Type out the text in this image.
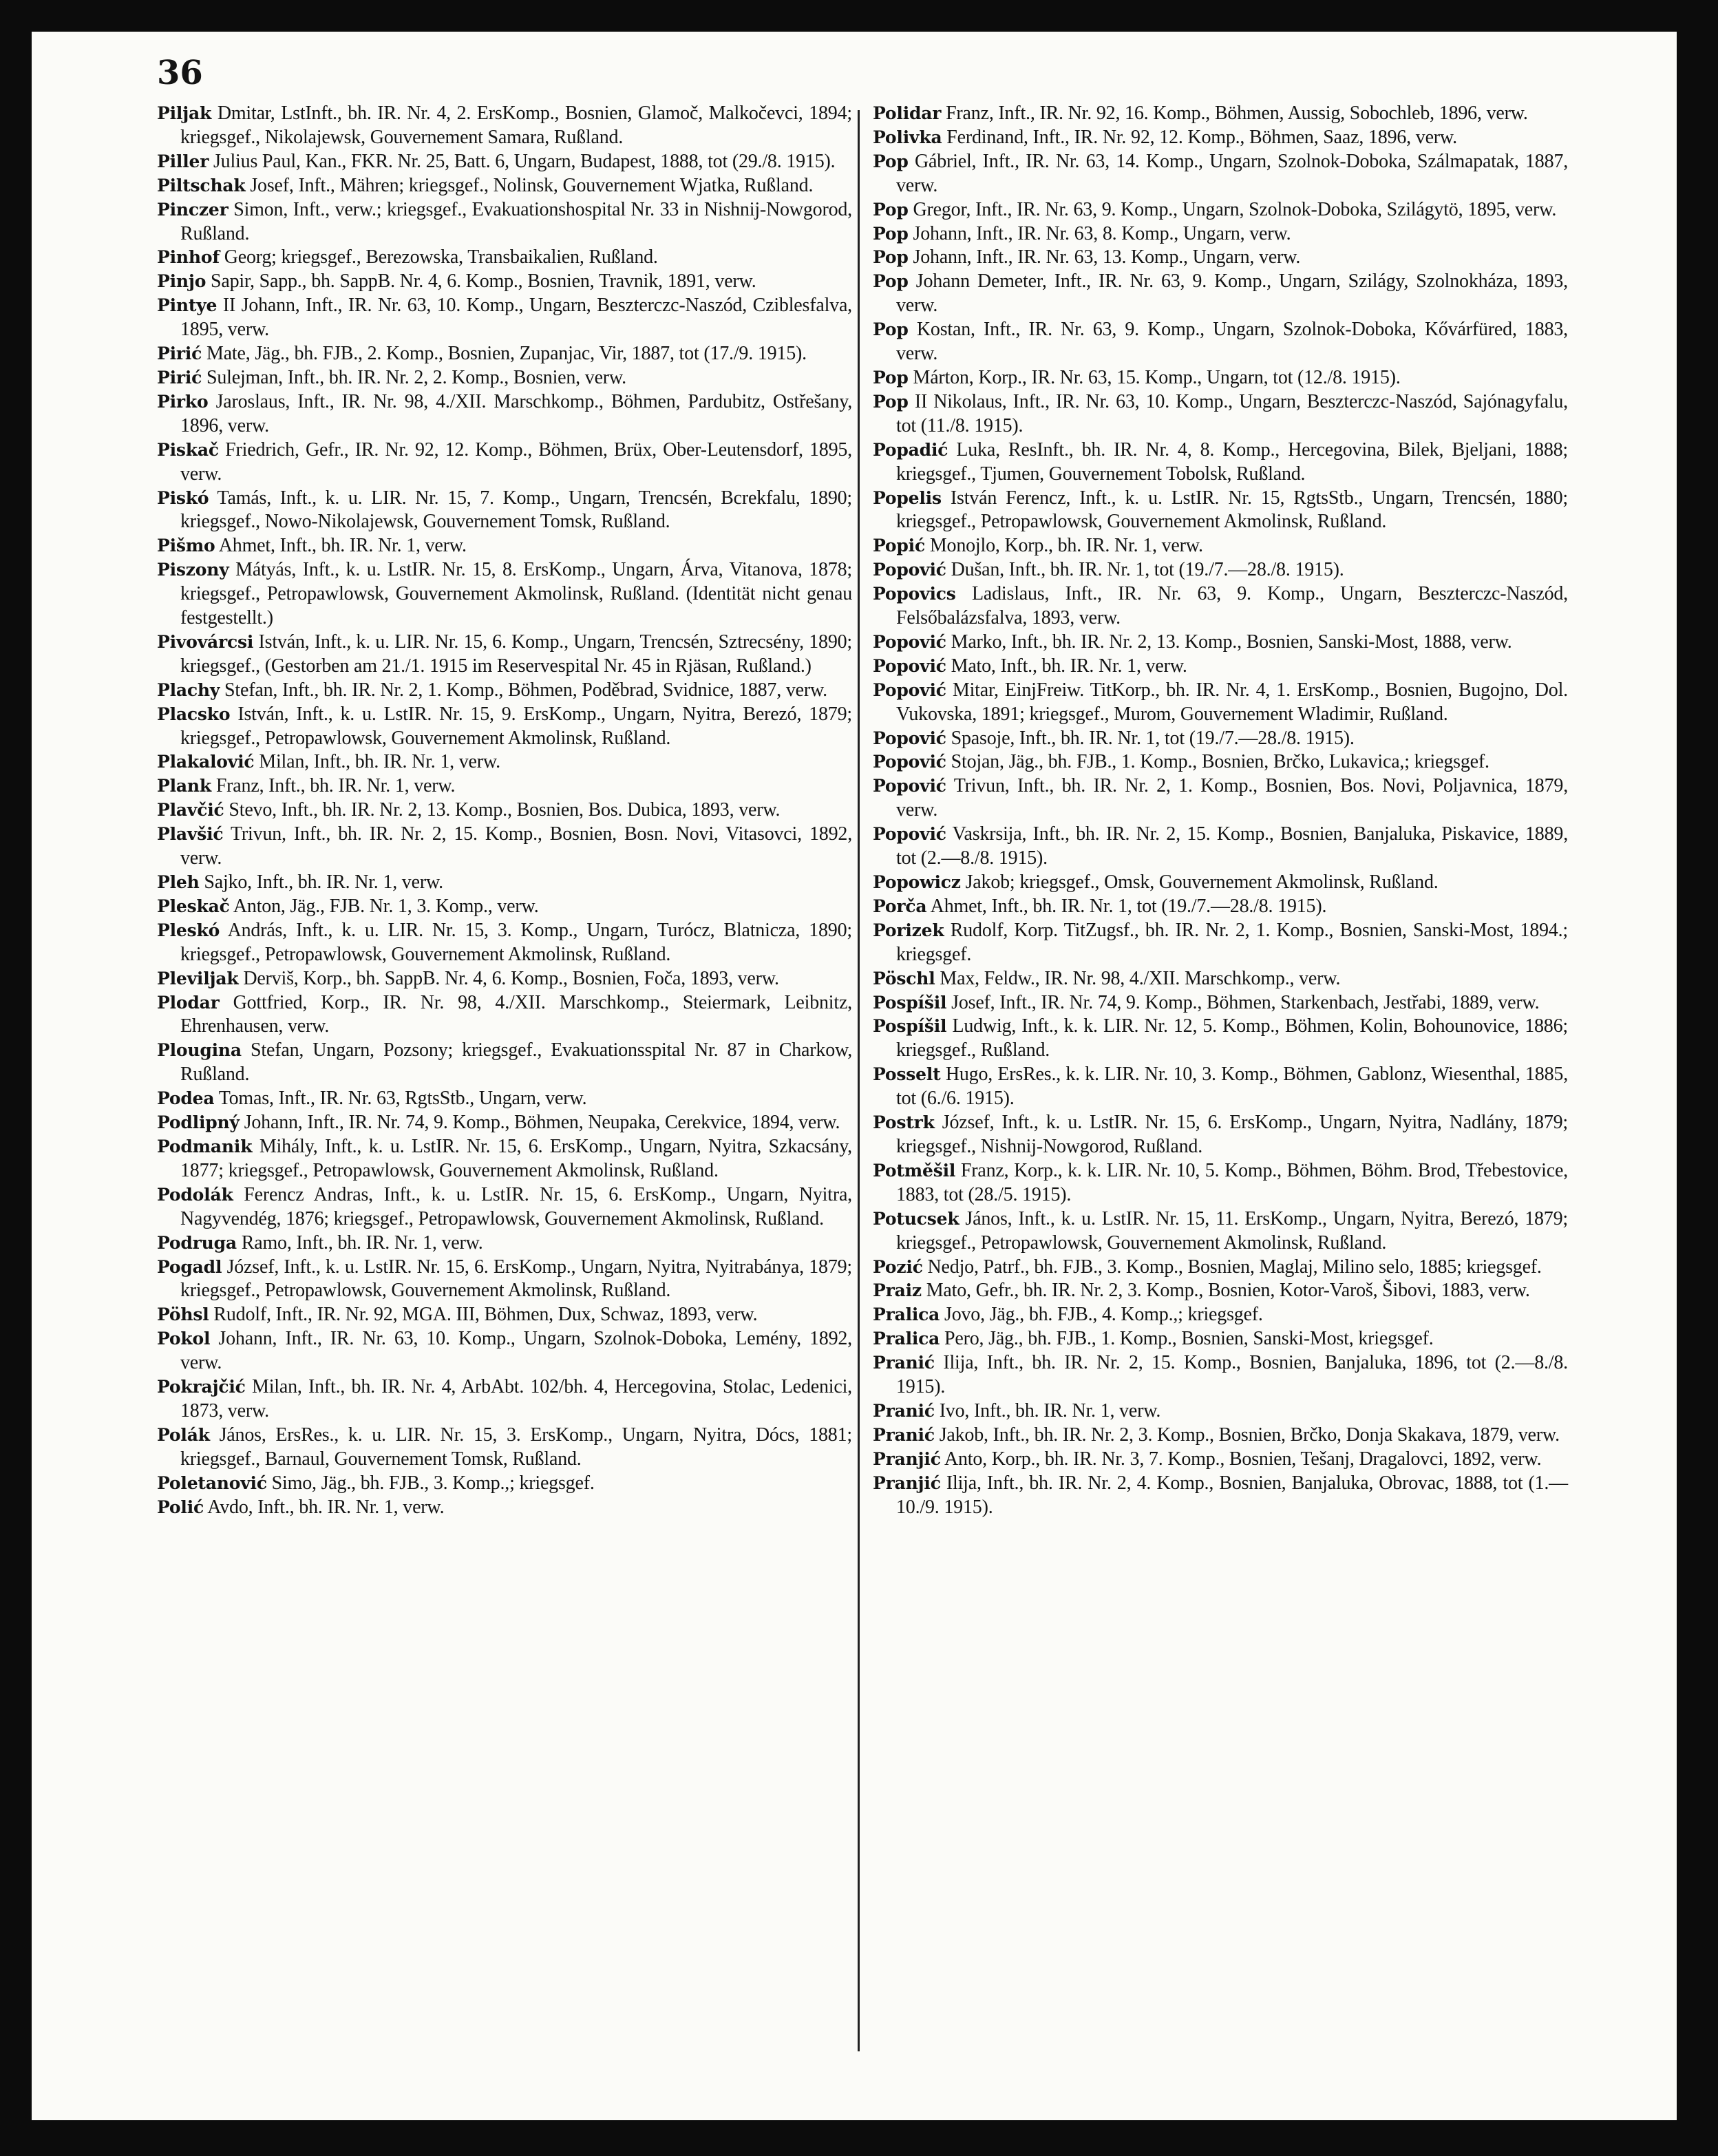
36
Piljak Dmitar, LstInft., bh. IR. Nr. 4, 2. ErsKomp., Bosnien, Glamoč, Malkočevci, 1894; kriegsgef., Nikolajewsk, Gouvernement Samara, Rußland.
Piller Julius Paul, Kan., FKR. Nr. 25, Batt. 6, Ungarn, Budapest, 1888, tot (29./8. 1915).
Piltschak Josef, Inft., Mähren; kriegsgef., Nolinsk, Gouvernement Wjatka, Rußland.
Pinczer Simon, Inft., verw.; kriegsgef., Evakuationshospital Nr. 33 in Nishnij-Nowgorod, Rußland.
Pinhof Georg; kriegsgef., Berezowska, Transbaikalien, Rußland.
Pinjo Sapir, Sapp., bh. SappB. Nr. 4, 6. Komp., Bosnien, Travnik, 1891, verw.
Pintye II Johann, Inft., IR. Nr. 63, 10. Komp., Ungarn, Beszterczc-Naszód, Cziblesfalva, 1895, verw.
Pirić Mate, Jäg., bh. FJB., 2. Komp., Bosnien, Zupanjac, Vir, 1887, tot (17./9. 1915).
Pirić Sulejman, Inft., bh. IR. Nr. 2, 2. Komp., Bosnien, verw.
Pirko Jaroslaus, Inft., IR. Nr. 98, 4./XII. Marschkomp., Böhmen, Pardubitz, Ostřešany, 1896, verw.
Piskač Friedrich, Gefr., IR. Nr. 92, 12. Komp., Böhmen, Brüx, Ober-Leutensdorf, 1895, verw.
Piskó Tamás, Inft., k. u. LIR. Nr. 15, 7. Komp., Ungarn, Trencsén, Bcrekfalu, 1890; kriegsgef., Nowo-Nikolajewsk, Gouvernement Tomsk, Rußland.
Pišmo Ahmet, Inft., bh. IR. Nr. 1, verw.
Piszony Mátyás, Inft., k. u. LstIR. Nr. 15, 8. ErsKomp., Ungarn, Árva, Vitanova, 1878; kriegsgef., Petropawlowsk, Gouvernement Akmolinsk, Rußland. (Identität nicht genau festgestellt.)
Pivovárcsi István, Inft., k. u. LIR. Nr. 15, 6. Komp., Ungarn, Trencsén, Sztrecsény, 1890; kriegsgef., (Gestorben am 21./1. 1915 im Reservespital Nr. 45 in Rjäsan, Rußland.)
Plachy Stefan, Inft., bh. IR. Nr. 2, 1. Komp., Böhmen, Poděbrad, Svidnice, 1887, verw.
Placsko István, Inft., k. u. LstIR. Nr. 15, 9. ErsKomp., Ungarn, Nyitra, Berezó, 1879; kriegsgef., Petropawlowsk, Gouvernement Akmolinsk, Rußland.
Plakalović Milan, Inft., bh. IR. Nr. 1, verw.
Plank Franz, Inft., bh. IR. Nr. 1, verw.
Plavčić Stevo, Inft., bh. IR. Nr. 2, 13. Komp., Bosnien, Bos. Dubica, 1893, verw.
Plavšić Trivun, Inft., bh. IR. Nr. 2, 15. Komp., Bosnien, Bosn. Novi, Vitasovci, 1892, verw.
Pleh Sajko, Inft., bh. IR. Nr. 1, verw.
Pleskač Anton, Jäg., FJB. Nr. 1, 3. Komp., verw.
Pleskó András, Inft., k. u. LIR. Nr. 15, 3. Komp., Ungarn, Turócz, Blatnicza, 1890; kriegsgef., Petropawlowsk, Gouvernement Akmolinsk, Rußland.
Pleviljak Derviš, Korp., bh. SappB. Nr. 4, 6. Komp., Bosnien, Foča, 1893, verw.
Plodar Gottfried, Korp., IR. Nr. 98, 4./XII. Marschkomp., Steiermark, Leibnitz, Ehrenhausen, verw.
Plougina Stefan, Ungarn, Pozsony; kriegsgef., Evakuationsspital Nr. 87 in Charkow, Rußland.
Podea Tomas, Inft., IR. Nr. 63, RgtsStb., Ungarn, verw.
Podlipný Johann, Inft., IR. Nr. 74, 9. Komp., Böhmen, Neupaka, Cerekvice, 1894, verw.
Podmanik Mihály, Inft., k. u. LstIR. Nr. 15, 6. ErsKomp., Ungarn, Nyitra, Szkacsány, 1877; kriegsgef., Petropawlowsk, Gouvernement Akmolinsk, Rußland.
Podolák Ferencz Andras, Inft., k. u. LstIR. Nr. 15, 6. ErsKomp., Ungarn, Nyitra, Nagyvendég, 1876; kriegsgef., Petropawlowsk, Gouvernement Akmolinsk, Rußland.
Podruga Ramo, Inft., bh. IR. Nr. 1, verw.
Pogadl József, Inft., k. u. LstIR. Nr. 15, 6. ErsKomp., Ungarn, Nyitra, Nyitrabánya, 1879; kriegsgef., Petropawlowsk, Gouvernement Akmolinsk, Rußland.
Pöhsl Rudolf, Inft., IR. Nr. 92, MGA. III, Böhmen, Dux, Schwaz, 1893, verw.
Pokol Johann, Inft., IR. Nr. 63, 10. Komp., Ungarn, Szolnok-Doboka, Lemény, 1892, verw.
Pokrajčić Milan, Inft., bh. IR. Nr. 4, ArbAbt. 102/bh. 4, Hercegovina, Stolac, Ledenici, 1873, verw.
Polák János, ErsRes., k. u. LIR. Nr. 15, 3. ErsKomp., Ungarn, Nyitra, Dócs, 1881; kriegsgef., Barnaul, Gouvernement Tomsk, Rußland.
Poletanović Simo, Jäg., bh. FJB., 3. Komp.,; kriegsgef.
Polić Avdo, Inft., bh. IR. Nr. 1, verw.
Polidar Franz, Inft., IR. Nr. 92, 16. Komp., Böhmen, Aussig, Sobochleb, 1896, verw.
Polivka Ferdinand, Inft., IR. Nr. 92, 12. Komp., Böhmen, Saaz, 1896, verw.
Pop Gábriel, Inft., IR. Nr. 63, 14. Komp., Ungarn, Szolnok-Doboka, Szálmapatak, 1887, verw.
Pop Gregor, Inft., IR. Nr. 63, 9. Komp., Ungarn, Szolnok-Doboka, Szilágytö, 1895, verw.
Pop Johann, Inft., IR. Nr. 63, 8. Komp., Ungarn, verw.
Pop Johann, Inft., IR. Nr. 63, 13. Komp., Ungarn, verw.
Pop Johann Demeter, Inft., IR. Nr. 63, 9. Komp., Ungarn, Szilágy, Szolnokháza, 1893, verw.
Pop Kostan, Inft., IR. Nr. 63, 9. Komp., Ungarn, Szolnok-Doboka, Kővárfüred, 1883, verw.
Pop Márton, Korp., IR. Nr. 63, 15. Komp., Ungarn, tot (12./8. 1915).
Pop II Nikolaus, Inft., IR. Nr. 63, 10. Komp., Ungarn, Beszterczc-Naszód, Sajónagyfalu, tot (11./8. 1915).
Popadić Luka, ResInft., bh. IR. Nr. 4, 8. Komp., Hercegovina, Bilek, Bjeljani, 1888; kriegsgef., Tjumen, Gouvernement Tobolsk, Rußland.
Popelis István Ferencz, Inft., k. u. LstIR. Nr. 15, RgtsStb., Ungarn, Trencsén, 1880; kriegsgef., Petropawlowsk, Gouvernement Akmolinsk, Rußland.
Popić Monojlo, Korp., bh. IR. Nr. 1, verw.
Popović Dušan, Inft., bh. IR. Nr. 1, tot (19./7.—28./8. 1915).
Popovics Ladislaus, Inft., IR. Nr. 63, 9. Komp., Ungarn, Beszterczc-Naszód, Felsőbalázsfalva, 1893, verw.
Popović Marko, Inft., bh. IR. Nr. 2, 13. Komp., Bosnien, Sanski-Most, 1888, verw.
Popović Mato, Inft., bh. IR. Nr. 1, verw.
Popović Mitar, EinjFreiw. TitKorp., bh. IR. Nr. 4, 1. ErsKomp., Bosnien, Bugojno, Dol. Vukovska, 1891; kriegsgef., Murom, Gouvernement Wladimir, Rußland.
Popović Spasoje, Inft., bh. IR. Nr. 1, tot (19./7.—28./8. 1915).
Popović Stojan, Jäg., bh. FJB., 1. Komp., Bosnien, Brčko, Lukavica,; kriegsgef.
Popović Trivun, Inft., bh. IR. Nr. 2, 1. Komp., Bosnien, Bos. Novi, Poljavnica, 1879, verw.
Popović Vaskrsija, Inft., bh. IR. Nr. 2, 15. Komp., Bosnien, Banjaluka, Piskavice, 1889, tot (2.—8./8. 1915).
Popowicz Jakob; kriegsgef., Omsk, Gouvernement Akmolinsk, Rußland.
Porča Ahmet, Inft., bh. IR. Nr. 1, tot (19./7.—28./8. 1915).
Porizek Rudolf, Korp. TitZugsf., bh. IR. Nr. 2, 1. Komp., Bosnien, Sanski-Most, 1894.; kriegsgef.
Pöschl Max, Feldw., IR. Nr. 98, 4./XII. Marschkomp., verw.
Pospíšil Josef, Inft., IR. Nr. 74, 9. Komp., Böhmen, Starkenbach, Jestřabi, 1889, verw.
Pospíšil Ludwig, Inft., k. k. LIR. Nr. 12, 5. Komp., Böhmen, Kolin, Bohounovice, 1886; kriegsgef., Rußland.
Posselt Hugo, ErsRes., k. k. LIR. Nr. 10, 3. Komp., Böhmen, Gablonz, Wiesenthal, 1885, tot (6./6. 1915).
Postrk József, Inft., k. u. LstIR. Nr. 15, 6. ErsKomp., Ungarn, Nyitra, Nadlány, 1879; kriegsgef., Nishnij-Nowgorod, Rußland.
Potměšil Franz, Korp., k. k. LIR. Nr. 10, 5. Komp., Böhmen, Böhm. Brod, Třebestovice, 1883, tot (28./5. 1915).
Potucsek János, Inft., k. u. LstIR. Nr. 15, 11. ErsKomp., Ungarn, Nyitra, Berezó, 1879; kriegsgef., Petropawlowsk, Gouvernement Akmolinsk, Rußland.
Pozić Nedjo, Patrf., bh. FJB., 3. Komp., Bosnien, Maglaj, Milino selo, 1885; kriegsgef.
Praiz Mato, Gefr., bh. IR. Nr. 2, 3. Komp., Bosnien, Kotor-Varoš, Šibovi, 1883, verw.
Pralica Jovo, Jäg., bh. FJB., 4. Komp.,; kriegsgef.
Pralica Pero, Jäg., bh. FJB., 1. Komp., Bosnien, Sanski-Most, kriegsgef.
Pranić Ilija, Inft., bh. IR. Nr. 2, 15. Komp., Bosnien, Banjaluka, 1896, tot (2.—8./8. 1915).
Pranić Ivo, Inft., bh. IR. Nr. 1, verw.
Pranić Jakob, Inft., bh. IR. Nr. 2, 3. Komp., Bosnien, Brčko, Donja Skakava, 1879, verw.
Pranjić Anto, Korp., bh. IR. Nr. 3, 7. Komp., Bosnien, Tešanj, Dragalovci, 1892, verw.
Pranjić Ilija, Inft., bh. IR. Nr. 2, 4. Komp., Bosnien, Banjaluka, Obrovac, 1888, tot (1.—10./9. 1915).
